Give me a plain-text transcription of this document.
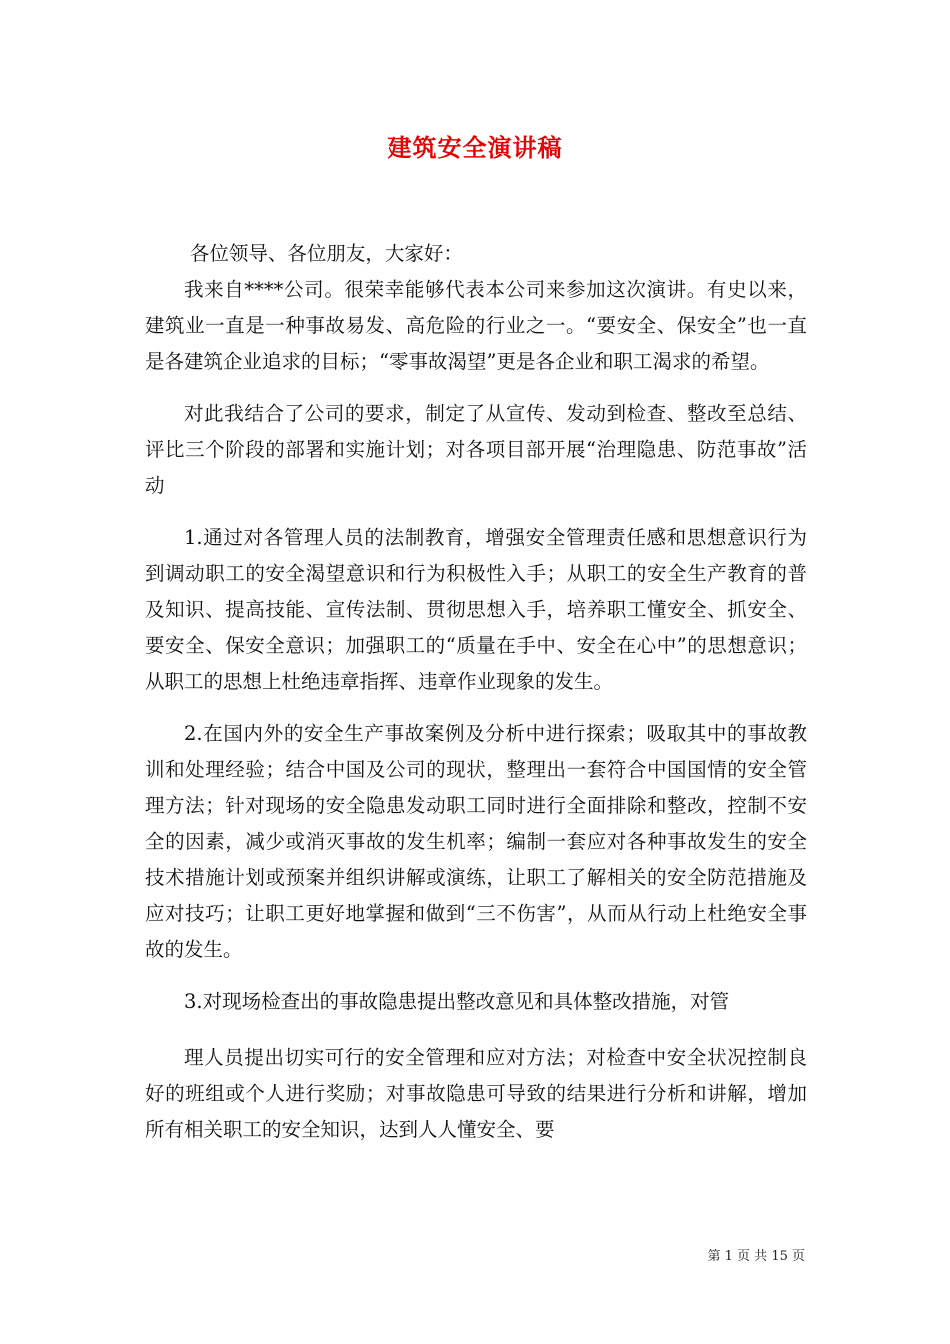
建筑安全演讲稿

各位领导、各位朋友，大家好：

我来自****公司。很荣幸能够代表本公司来参加这次演讲。有史以来，建筑业一直是一种事故易发、高危险的行业之一。“要安全、保安全”也一直是各建筑企业追求的目标；“零事故渴望”更是各企业和职工渴求的希望。

对此我结合了公司的要求，制定了从宣传、发动到检查、整改至总结、评比三个阶段的部署和实施计划；对各项目部开展“治理隐患、防范事故”活动

1.通过对各管理人员的法制教育，增强安全管理责任感和思想意识行为到调动职工的安全渴望意识和行为积极性入手；从职工的安全生产教育的普及知识、提高技能、宣传法制、贯彻思想入手，培养职工懂安全、抓安全、要安全、保安全意识；加强职工的“质量在手中、安全在心中”的思想意识；从职工的思想上杜绝违章指挥、违章作业现象的发生。

2.在国内外的安全生产事故案例及分析中进行探索；吸取其中的事故教训和处理经验；结合中国及公司的现状，整理出一套符合中国国情的安全管理方法；针对现场的安全隐患发动职工同时进行全面排除和整改，控制不安全的因素，减少或消灭事故的发生机率；编制一套应对各种事故发生的安全技术措施计划或预案并组织讲解或演练，让职工了解相关的安全防范措施及应对技巧；让职工更好地掌握和做到“三不伤害”，从而从行动上杜绝安全事故的发生。

3.对现场检查出的事故隐患提出整改意见和具体整改措施，对管

理人员提出切实可行的安全管理和应对方法；对检查中安全状况控制良好的班组或个人进行奖励；对事故隐患可导致的结果进行分析和讲解，增加所有相关职工的安全知识，达到人人懂安全、要

第 1 页 共 15 页
